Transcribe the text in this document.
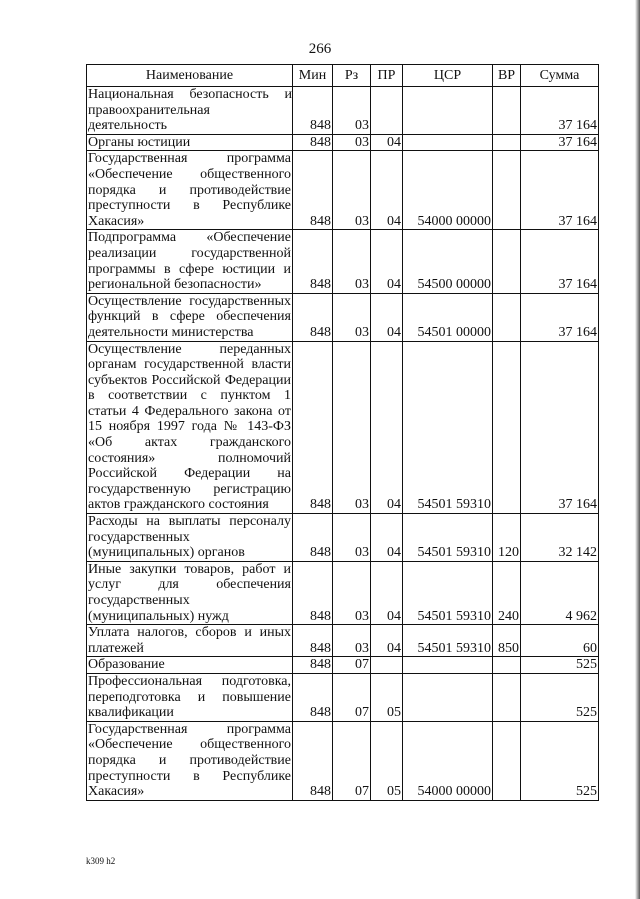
266
Наименование	Мин	Рз	ПР	ЦСР	ВР	Сумма

Национальная безопасность и правоохранительная деятельность	848	03				37 164

Органы юстиции	848	03	04			37 164

Государственная программа «Обеспечение общественного порядка и противодействие преступности в Республике Хакасия»	848	03	04	54000 00000		37 164

Подпрограмма «Обеспечение реализации государственной программы в сфере юстиции и региональной безопасности»	848	03	04	54500 00000		37 164

Осуществление государственных функций в сфере обеспечения деятельности министерства	848	03	04	54501 00000		37 164

Осуществление переданных органам государственной власти субъектов Российской Федерации в соответствии с пунктом 1 статьи 4 Федерального закона от 15 ноября 1997 года № 143-ФЗ «Об актах гражданского состояния» полномочий Российской Федерации на государственную регистрацию актов гражданского состояния	848	03	04	54501 59310		37 164

Расходы на выплаты персоналу государственных (муниципальных) органов	848	03	04	54501 59310	120	32 142

Иные закупки товаров, работ и услуг для обеспечения государственных (муниципальных) нужд	848	03	04	54501 59310	240	4 962

Уплата налогов, сборов и иных платежей	848	03	04	54501 59310	850	60

Образование	848	07				525

Профессиональная подготовка, переподготовка и повышение квалификации	848	07	05			525

Государственная программа «Обеспечение общественного порядка и противодействие преступности в Республике Хакасия»	848	07	05	54000 00000		525
k309 h2
